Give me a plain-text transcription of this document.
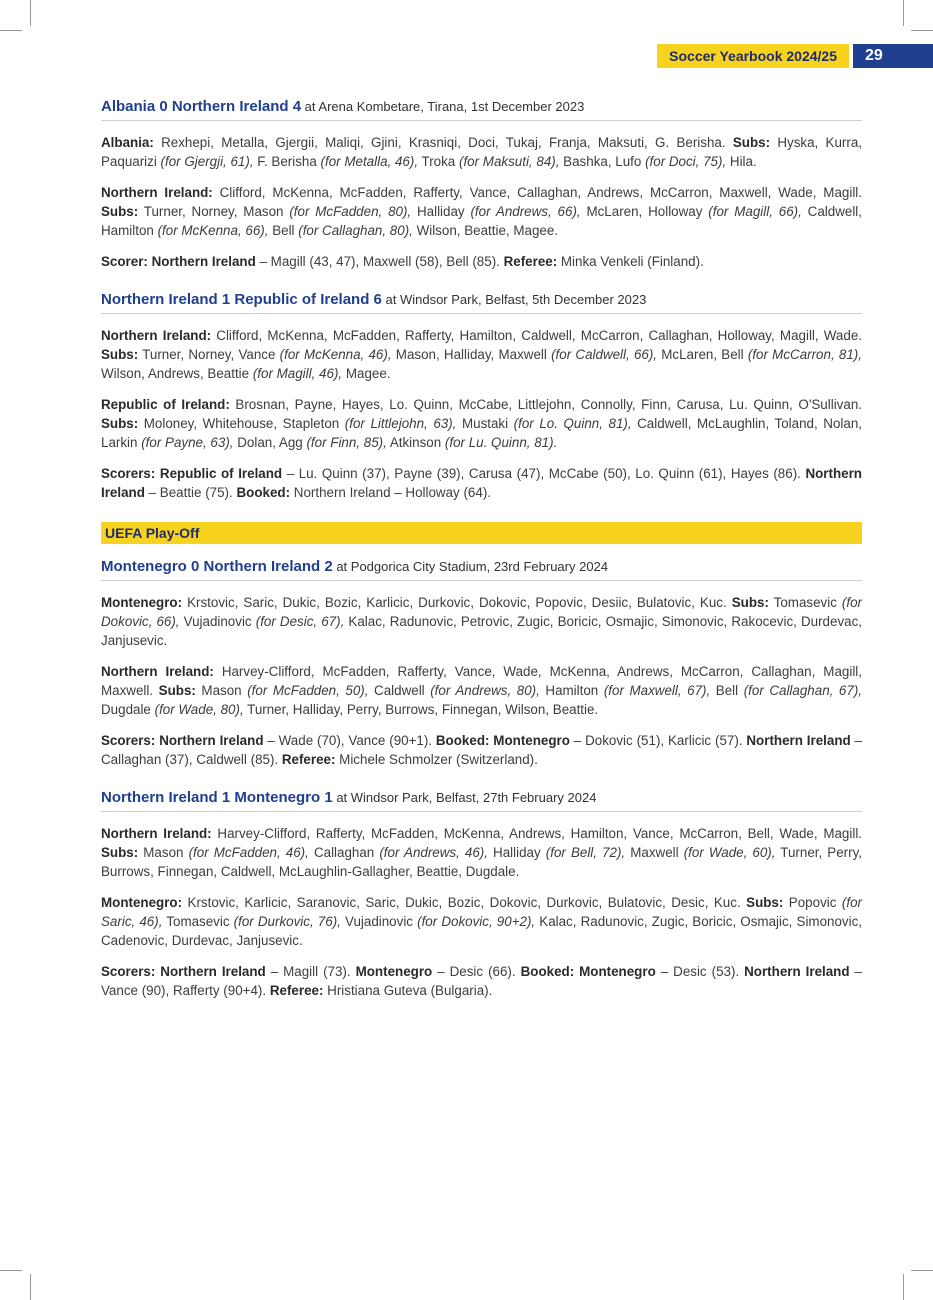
Soccer Yearbook 2024/25	29
Albania 0 Northern Ireland 4 at Arena Kombetare, Tirana, 1st December 2023

Albania: Rexhepi, Metalla, Gjergii, Maliqi, Gjini, Krasniqi, Doci, Tukaj, Franja, Maksuti, G. Berisha. Subs: Hyska, Kurra, Paquarizi (for Gjergji, 61), F. Berisha (for Metalla, 46), Troka (for Maksuti, 84), Bashka, Lufo (for Doci, 75), Hila.

Northern Ireland: Clifford, McKenna, McFadden, Rafferty, Vance, Callaghan, Andrews, McCarron, Maxwell, Wade, Magill. Subs: Turner, Norney, Mason (for McFadden, 80), Halliday (for Andrews, 66), McLaren, Holloway (for Magill, 66), Caldwell, Hamilton (for McKenna, 66), Bell (for Callaghan, 80), Wilson, Beattie, Magee.

Scorer: Northern Ireland – Magill (43, 47), Maxwell (58), Bell (85). Referee: Minka Venkeli (Finland).

Northern Ireland 1 Republic of Ireland 6 at Windsor Park, Belfast, 5th December 2023

Northern Ireland: Clifford, McKenna, McFadden, Rafferty, Hamilton, Caldwell, McCarron, Callaghan, Holloway, Magill, Wade. Subs: Turner, Norney, Vance (for McKenna, 46), Mason, Halliday, Maxwell (for Caldwell, 66), McLaren, Bell (for McCarron, 81), Wilson, Andrews, Beattie (for Magill, 46), Magee.

Republic of Ireland: Brosnan, Payne, Hayes, Lo. Quinn, McCabe, Littlejohn, Connolly, Finn, Carusa, Lu. Quinn, O'Sullivan. Subs: Moloney, Whitehouse, Stapleton (for Littlejohn, 63), Mustaki (for Lo. Quinn, 81), Caldwell, McLaughlin, Toland, Nolan, Larkin (for Payne, 63), Dolan, Agg (for Finn, 85), Atkinson (for Lu. Quinn, 81).

Scorers: Republic of Ireland – Lu. Quinn (37), Payne (39), Carusa (47), McCabe (50), Lo. Quinn (61), Hayes (86). Northern Ireland – Beattie (75). Booked: Northern Ireland – Holloway (64).

UEFA Play-Off
Montenegro 0 Northern Ireland 2 at Podgorica City Stadium, 23rd February 2024

Montenegro: Krstovic, Saric, Dukic, Bozic, Karlicic, Durkovic, Dokovic, Popovic, Desiic, Bulatovic, Kuc. Subs: Tomasevic (for Dokovic, 66), Vujadinovic (for Desic, 67), Kalac, Radunovic, Petrovic, Zugic, Boricic, Osmajic, Simonovic, Rakocevic, Durdevac, Janjusevic.

Northern Ireland: Harvey-Clifford, McFadden, Rafferty, Vance, Wade, McKenna, Andrews, McCarron, Callaghan, Magill, Maxwell. Subs: Mason (for McFadden, 50), Caldwell (for Andrews, 80), Hamilton (for Maxwell, 67), Bell (for Callaghan, 67), Dugdale (for Wade, 80), Turner, Halliday, Perry, Burrows, Finnegan, Wilson, Beattie.

Scorers: Northern Ireland – Wade (70), Vance (90+1). Booked: Montenegro – Dokovic (51), Karlicic (57). Northern Ireland – Callaghan (37), Caldwell (85). Referee: Michele Schmolzer (Switzerland).

Northern Ireland 1 Montenegro 1 at Windsor Park, Belfast, 27th February 2024

Northern Ireland: Harvey-Clifford, Rafferty, McFadden, McKenna, Andrews, Hamilton, Vance, McCarron, Bell, Wade, Magill. Subs: Mason (for McFadden, 46), Callaghan (for Andrews, 46), Halliday (for Bell, 72), Maxwell (for Wade, 60), Turner, Perry, Burrows, Finnegan, Caldwell, McLaughlin-Gallagher, Beattie, Dugdale.

Montenegro: Krstovic, Karlicic, Saranovic, Saric, Dukic, Bozic, Dokovic, Durkovic, Bulatovic, Desic, Kuc. Subs: Popovic (for Saric, 46), Tomasevic (for Durkovic, 76), Vujadinovic (for Dokovic, 90+2), Kalac, Radunovic, Zugic, Boricic, Osmajic, Simonovic, Cadenovic, Durdevac, Janjusevic.

Scorers: Northern Ireland – Magill (73). Montenegro – Desic (66). Booked: Montenegro – Desic (53). Northern Ireland – Vance (90), Rafferty (90+4). Referee: Hristiana Guteva (Bulgaria).
